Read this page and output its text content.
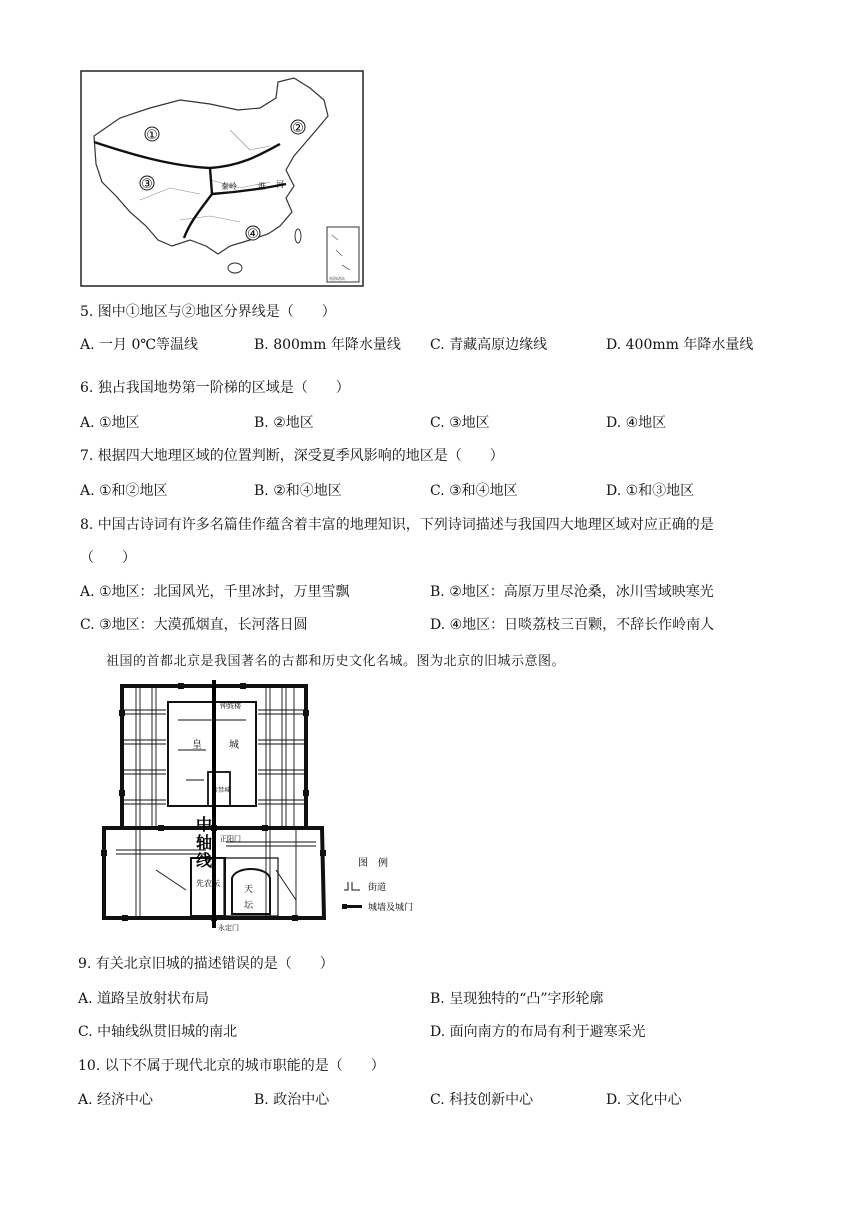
南海诸岛
①	②
③
④
秦岭	淮 河
5. 图中①地区与②地区分界线是（　　）
A. 一月 0℃等温线	B. 800mm 年降水量线 C. 青藏高原边缘线	D. 400mm 年降水量线
6. 独占我国地势第一阶梯的区域是（　　）
A. ①地区	B. ②地区	C. ③地区	D. ④地区
7. 根据四大地理区域的位置判断，深受夏季风影响的地区是（　　）
A. ①和②地区	B. ②和④地区	C. ③和④地区	D. ①和③地区
8. 中国古诗词有许多名篇佳作蕴含着丰富的地理知识，下列诗词描述与我国四大地理区域对应正确的是
（　　）
A. ①地区：北国风光，千里冰封，万里雪飘	B. ②地区：高原万里尽沧桑，冰川雪域映寒光
C. ③地区：大漠孤烟直，长河落日圆	D. ④地区：日啖荔枝三百颗，不辞长作岭南人
祖国的首都北京是我国著名的古都和历史文化名城。图为北京的旧城示意图。
钟鼓楼
皇	城
紫禁城
中
轴
线
正阳门
先农坛
天
坛
永定门
图　例
街道
城墙及城门
9. 有关北京旧城的描述错误的是（　　）
A. 道路呈放射状布局	B. 呈现独特的“凸”字形轮廓
C. 中轴线纵贯旧城的南北	D. 面向南方的布局有利于避寒采光
10. 以下不属于现代北京的城市职能的是（　　）
A. 经济中心	B. 政治中心	C. 科技创新中心	D. 文化中心
